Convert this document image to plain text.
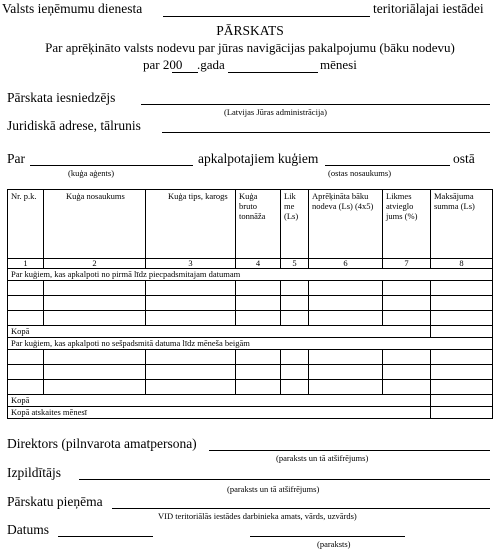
Valsts ieņēmumu dienesta	teritoriālajai iestādei
PĀRSKATS
Par aprēķināto valsts nodevu par jūras navigācijas pakalpojumu (bāku nodevu)
par 200 .gada	mēnesi
Pārskata iesniedzējs
(Latvijas Jūras administrācija)
Juridiskā adrese, tālrunis
Par	apkalpotajiem kuģiem	ostā
(kuģa aģents)	(ostas nosaukums)
Nr. p.k.	Kuģa nosaukums	Kuģa tips, karogs	Kuģa bruto tonnāža	Lik me (Ls)	Aprēķināta bāku nodeva (Ls) (4x5)	Likmes atvieglo jums (%)	Maksājuma summa (Ls)
1	2	3	4	5	6	7	8
Par kuģiem, kas apkalpoti no pirmā līdz piecpadsmitajam datumam							

Kopā							
Par kuģiem, kas apkalpoti no sešpadsmitā datuma līdz mēneša beigām							

Kopā							
Kopā atskaites mēnesī							
Direktors (pilnvarota amatpersona)
(paraksts un tā atšifrējums)
Izpildītājs
(paraksts un tā atšifrējums)
Pārskatu pieņēma
VID teritoriālās iestādes darbinieka amats, vārds, uzvārds)
Datums
(paraksts)
